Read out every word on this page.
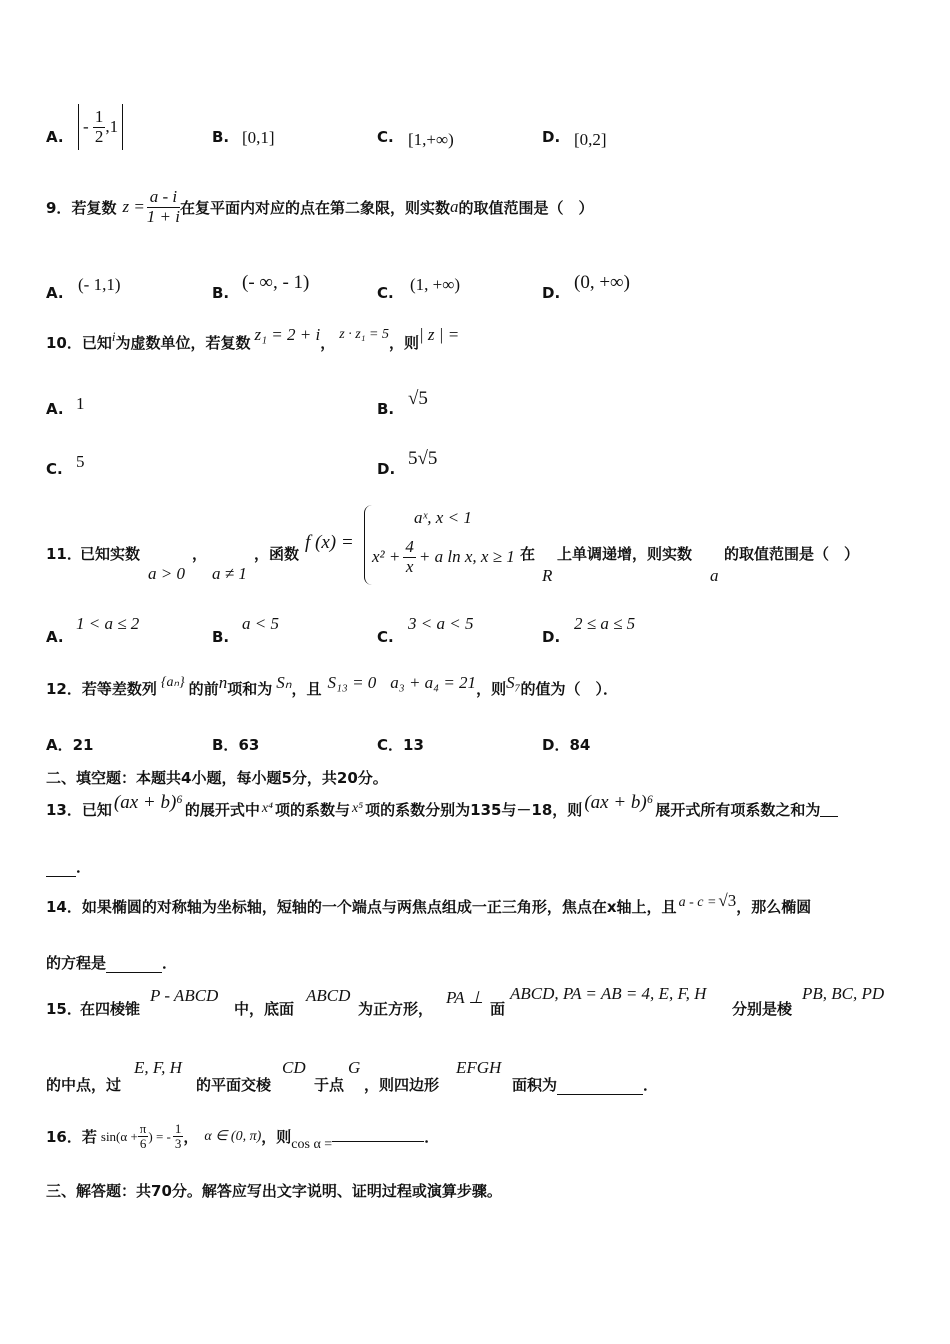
A.
-
1
2 ,1
B. [0,1]	C. [1,+∞)	D. [0,2]
9． 若复数 $z = \frac{a - i}{1 + i}$ 在复平面内对应的点在第二象限，则实数 a 的取值范围是（　）
A. (- 1,1)	B. (- ∞, - 1)	C. (1, +∞)	D. (0, +∞)
10． 已知 i 为虚数单位，若复数 z₁ = 2 + i ， z · z₁ = 5 ，则 | z | =
A. 1	B. √5
C. 5	D. 5√5
11．
已知实数
a > 0
，
a ≠ 1
，函数
f (x) =
aˣ, x < 1
$x^2 + \frac{4}{x} + a$ ln x, x ≥ 1 在
R
上单调递增，则实数
a
的取值范围是（　）
A.
1 < a ≤ 2
B.
a < 5
C.
3 < a < 5
D.
2 ≤ a ≤ 5
12． 若等差数列 {aₙ} 的前 n 项和为 Sₙ ，且 S₁₃ = 0 a₃ + a₄ = 21 ，则 S₇ 的值为（　）．
A．21	B．63	C．13	D．84
二、填空题：本题共4小题，每小题5分，共20分。
13． 已知 (ax + b)⁶ 的展开式中 x⁴ 项的系数与 x⁵ 项的系数分别为135与－18，则 (ax + b)⁶ 展开式所有项系数之和为
．
14． 如果椭圆的对称轴为坐标轴，短轴的一个端点与两焦点组成一正三角形，焦点在x轴上，且 a - c = √3 ，那么椭圆
的方程是	．
15．
在四棱锥
P - ABCD
中，底面
ABCD
为正方形，
PA ⊥
面
ABCD, PA = AB = 4, E, F, H
分别是棱
PB, BC, PD
的中点，过
E, F, H
的平面交棱
CD
于点
G
，则四边形
EFGH
面积为	．
16． 若 $\sin(\alpha + \frac{\pi}{6}$ ) = -
1
3 ， α ∈ (0, π) ，则 cos α =	．
三、解答题：共70分。解答应写出文字说明、证明过程或演算步骤。
